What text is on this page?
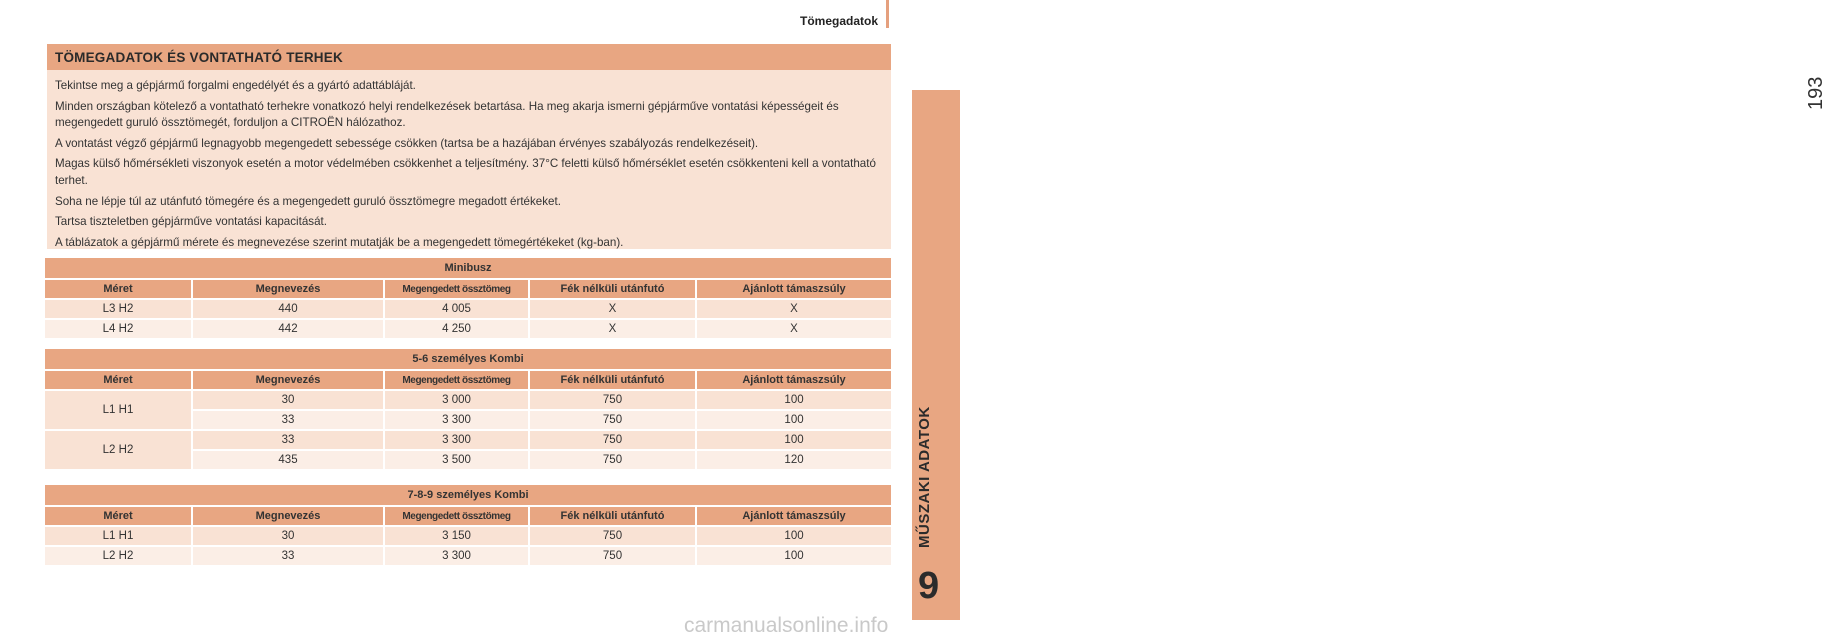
Tömegadatok
193
MŰSZAKI ADATOK
9
TÖMEGADATOK ÉS VONTATHATÓ TERHEK

Tekintse meg a gépjármű forgalmi engedélyét és a gyártó adattábláját.

Minden országban kötelező a vontatható terhekre vonatkozó helyi rendelkezések betartása. Ha meg akarja ismerni gépjárműve vontatási képességeit és megengedett guruló össztömegét, forduljon a CITROËN hálózathoz.

A vontatást végző gépjármű legnagyobb megengedett sebessége csökken (tartsa be a hazájában érvényes szabályozás rendelkezéseit).

Magas külső hőmérsékleti viszonyok esetén a motor védelmében csökkenhet a teljesítmény. 37°C feletti külső hőmérséklet esetén csökkenteni kell a vontatható terhet.

Soha ne lépje túl az utánfutó tömegére és a megengedett guruló össztömegre megadott értékeket.

Tartsa tiszteletben gépjárműve vontatási kapacitását.

A táblázatok a gépjármű mérete és megnevezése szerint mutatják be a megengedett tömegértékeket (kg-ban).

Minibusz				
Méret	Megnevezés	Megengedett össztömeg	Fék nélküli utánfutó	Ajánlott támaszsúly
L3 H2	440	4 005	X	X
L4 H2	442	4 250	X	X
5-6 személyes Kombi				
Méret	Megnevezés	Megengedett össztömeg	Fék nélküli utánfutó	Ajánlott támaszsúly
L1 H1	30	3 000	750	100
	33	3 300	750	100
L2 H2	33	3 300	750	100
	435	3 500	750	120
7-8-9 személyes Kombi				
Méret	Megnevezés	Megengedett össztömeg	Fék nélküli utánfutó	Ajánlott támaszsúly
L1 H1	30	3 150	750	100
L2 H2	33	3 300	750	100
carmanualsonline.info
